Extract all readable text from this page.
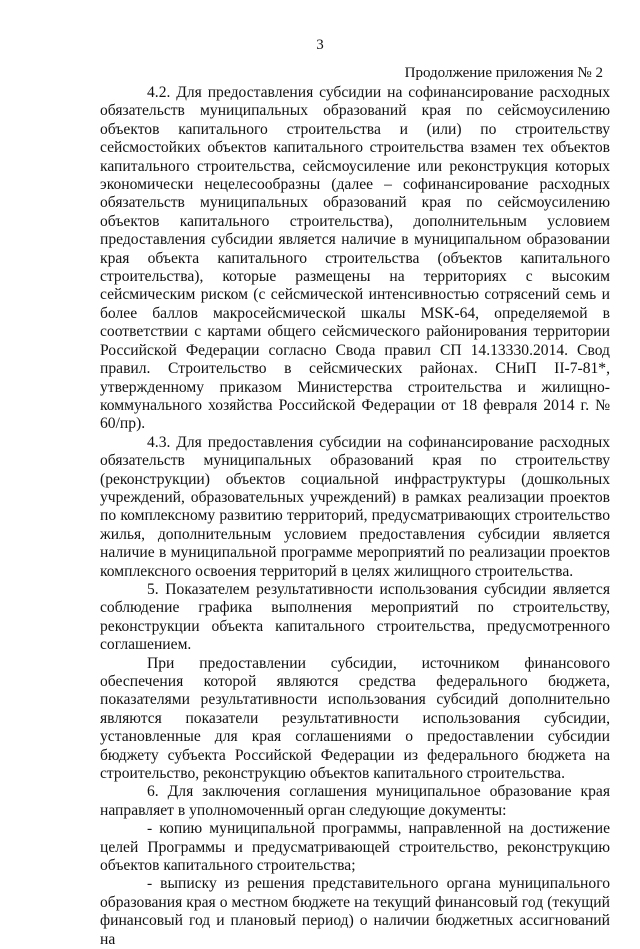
3
Продолжение приложения № 2

4.2. Для предоставления субсидии на софинансирование расходных обязательств муниципальных образований края по сейсмоусилению объектов капитального строительства и (или) по строительству сейсмостойких объектов капитального строительства взамен тех объектов капитального строительства, сейсмоусиление или реконструкция которых экономически нецелесообразны (далее – софинансирование расходных обязательств муниципальных образований края по сейсмоусилению объектов капитального строительства), дополнительным условием предоставления субсидии является наличие в муниципальном образовании края объекта капитального строительства (объектов капитального строительства), которые размещены на территориях с высоким сейсмическим риском (с сейсмической интенсивностью сотрясений семь и более баллов макросейсмической шкалы MSK-64, определяемой в соответствии с картами общего сейсмического районирования территории Российской Федерации согласно Свода правил СП 14.13330.2014. Свод правил. Строительство в сейсмических районах. СНиП II-7-81*, утвержденному приказом Министерства строительства и жилищно-коммунального хозяйства Российской Федерации от 18 февраля 2014 г. № 60/пр).

4.3. Для предоставления субсидии на софинансирование расходных обязательств муниципальных образований края по строительству (реконструкции) объектов социальной инфраструктуры (дошкольных учреждений, образовательных учреждений) в рамках реализации проектов по комплексному развитию территорий, предусматривающих строительство жилья, дополнительным условием предоставления субсидии является наличие в муниципальной программе мероприятий по реализации проектов комплексного освоения территорий в целях жилищного строительства.

5. Показателем результативности использования субсидии является соблюдение графика выполнения мероприятий по строительству, реконструкции объекта капитального строительства, предусмотренного соглашением.

При предоставлении субсидии, источником финансового обеспечения которой являются средства федерального бюджета, показателями результативности использования субсидий дополнительно являются показатели результативности использования субсидии, установленные для края соглашениями о предоставлении субсидии бюджету субъекта Российской Федерации из федерального бюджета на строительство, реконструкцию объектов капитального строительства.

6. Для заключения соглашения муниципальное образование края направляет в уполномоченный орган следующие документы:

- копию муниципальной программы, направленной на достижение целей Программы и предусматривающей строительство, реконструкцию объектов капитального строительства;

- выписку из решения представительного органа муниципального образования края о местном бюджете на текущий финансовый год (текущий финансовый год и плановый период) о наличии бюджетных ассигнований на
